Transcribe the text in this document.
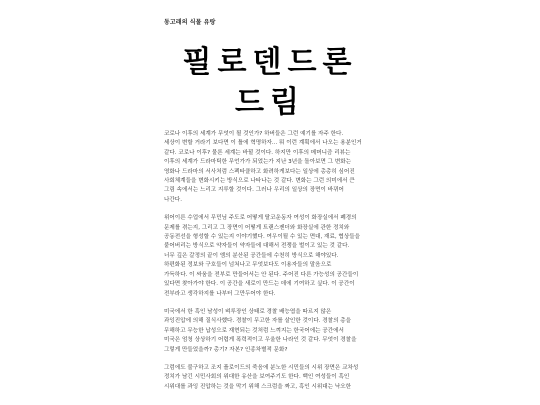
동고래의 식물 유랑
필로덴드론
드림
코로나 이후의 세계가 무엇이 될 것인가? 하버들은 그런 예기를 자주 한다.
세상이 변할 거라기 보다면 이 틀에 혁명하자... 뭐 이런 계획에서 나오는 용분인거
같다. 코로나 이후? 물론 세계는 바뀔 것이다. 하지만 이후의 메머니즘 리뷰는
이후의 세계가 드라마틱한 무언가가 되었는가 지난 3년을 돌아보면 그 변화는
영화나 드라마의 서사처럼 스펙타클하고 화려하게보다는 일상에 총총히 심어진
사회체계들을 변화시키는 방식으로 나타나는 것 같다. 변화는 그런 의미에서 큰
그림 속에서는 느리고 지루할 것이다. 그러나 우리의 일상의 장면이 바뀌어
나간다.
위어이른 수업에서 무민님 주도로 어떻게 탈코운동자 여성이 화장실에서 폐경의
문제를 겪는지, 그리고 그 장면이 어떻게 트랜스젠더와 화장실에 관한 정치와
공동전선을 형성할 수 있는지 이야기했다. 여우이될 수 있는 면대, 재료, 협상들을
붙어버리는 방식으로 약자들이 약자들에 대해서 전쟁을 벌이고 있는 것 같다.
너무 깊은 갈정의 끝이 엠의 분산된 공간들에 수천히 방식으로 해야있다.
하편화된 정보와 구호들이 넘쳐나고 무엇보다도 이용자들의 말음으로
가득하다. 이 싸움을 전부로 만들어서는 안 된다. 주어진 다른 가능성의 공간들이
있다면 찾아가야 한다. 이 공간을 새로이 만드는 데에 기여하고 싶다. 이 공간이
전부라고 생각하지를 나부터 그만두어야 한다.
미국에서 한 흑인 남성이 벼루장인 상태로 경찰 배능엽을 따르지 않은
과잉진압에 의해 질식사했다. 경찰이 무고한 자를 살인한 것이다. 경찰의 총을
무해하고 무능한 납성으로 재현되는 것처럼 느껴지는 한국어에는 공간에서
미국은 엄청 상상하기 어렵게 폭력적이고 우울한 나라인 것 같다. 무엇이 경찰을
그렇게 만들었을까? 총기? 자본? 인종차별적 문화?
그럼에도 불구하고 조지 플로이드의 죽음에 분노한 시민들의 시위 장면은 교차성
정치가 남긴 시민사회의 위대한 유산을 보여주기도 한다. 백인 여성들이 흑인
시위대를 과잉 진압하는 것을 막기 위해 스크럼을 짜고, 흑인 시위대는 낙오한
